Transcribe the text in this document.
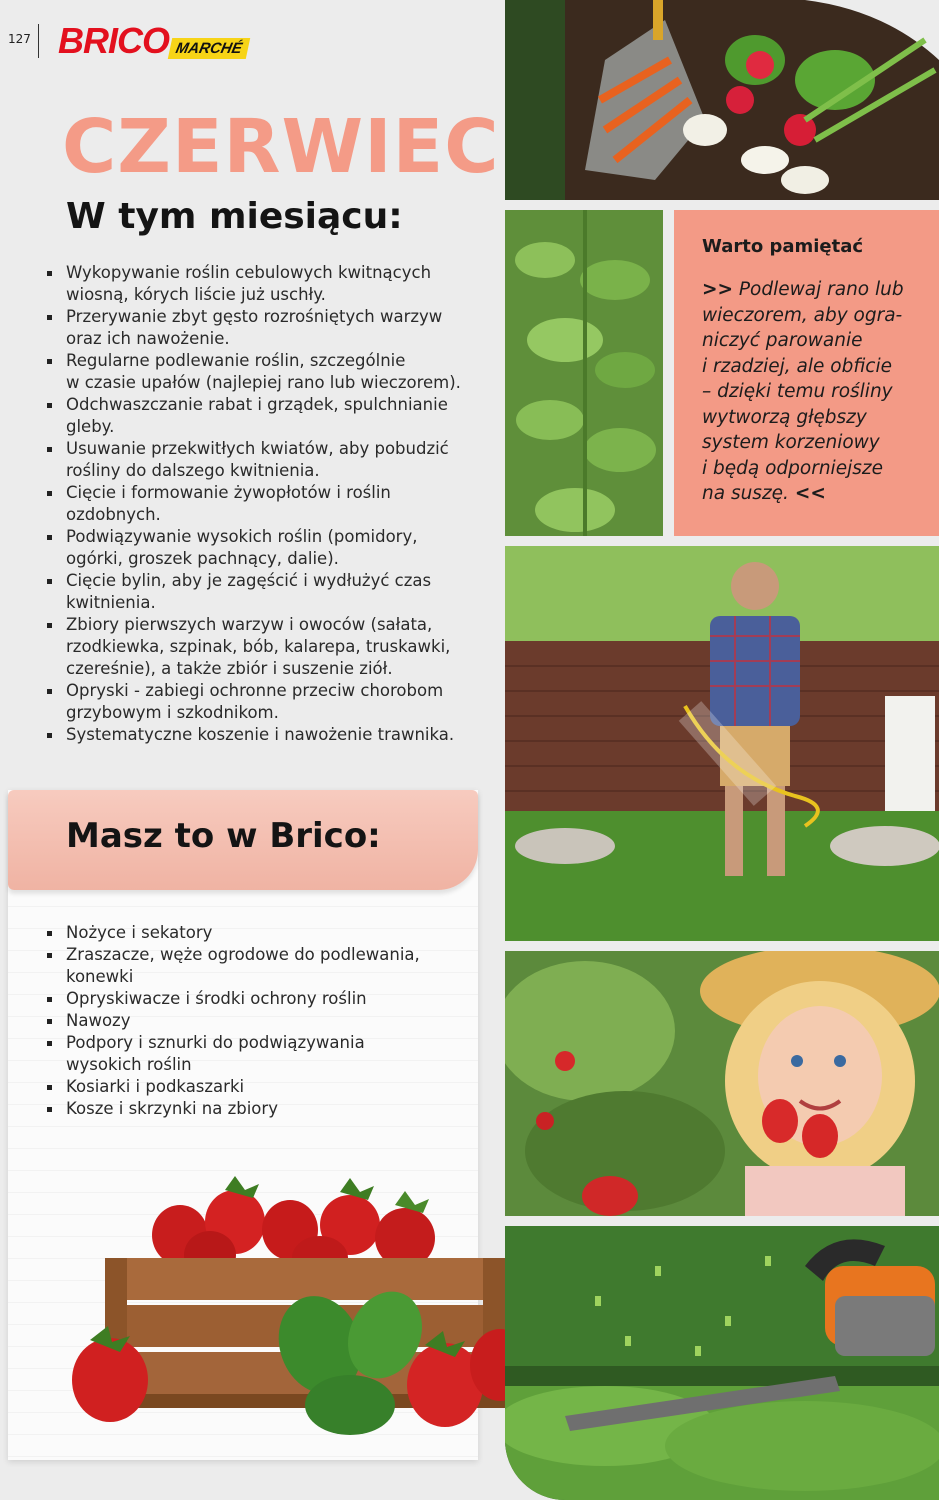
127 BRICO MARCHÉ
CZERWIEC
W tym miesiącu:
Wykopywanie roślin cebulowych kwitnących
wiosną, kórych liście już uschły.
Przerywanie zbyt gęsto rozrośniętych warzyw
oraz ich nawożenie.
Regularne podlewanie roślin, szczególnie
w czasie upałów (najlepiej rano lub wieczorem).
Odchwaszczanie rabat i grządek, spulchnianie
gleby.
Usuwanie przekwitłych kwiatów, aby pobudzić
rośliny do dalszego kwitnienia.
Cięcie i formowanie żywopłotów i roślin
ozdobnych.
Podwiązywanie wysokich roślin (pomidory,
ogórki, groszek pachnący, dalie).
Cięcie bylin, aby je zagęścić i wydłużyć czas
kwitnienia.
Zbiory pierwszych warzyw i owoców (sałata,
rzodkiewka, szpinak, bób, kalarepa, truskawki,
czereśnie), a także zbiór i suszenie ziół.
Opryski - zabiegi ochronne przeciw chorobom
grzybowym i szkodnikom.
Systematyczne koszenie i nawożenie trawnika.
Masz to w Brico:
Nożyce i sekatory
Zraszacze, węże ogrodowe do podlewania,
konewki
Opryskiwacze i środki ochrony roślin
Nawozy
Podpory i sznurki do podwiązywania
wysokich roślin
Kosiarki i podkaszarki
Kosze i skrzynki na zbiory
Warto pamiętać
>> Podlewaj rano lub
wieczorem, aby ogra-
niczyć parowanie
i rzadziej, ale obficie
– dzięki temu rośliny
wytworzą głębszy
system korzeniowy
i będą odporniejsze
na suszę. <<
